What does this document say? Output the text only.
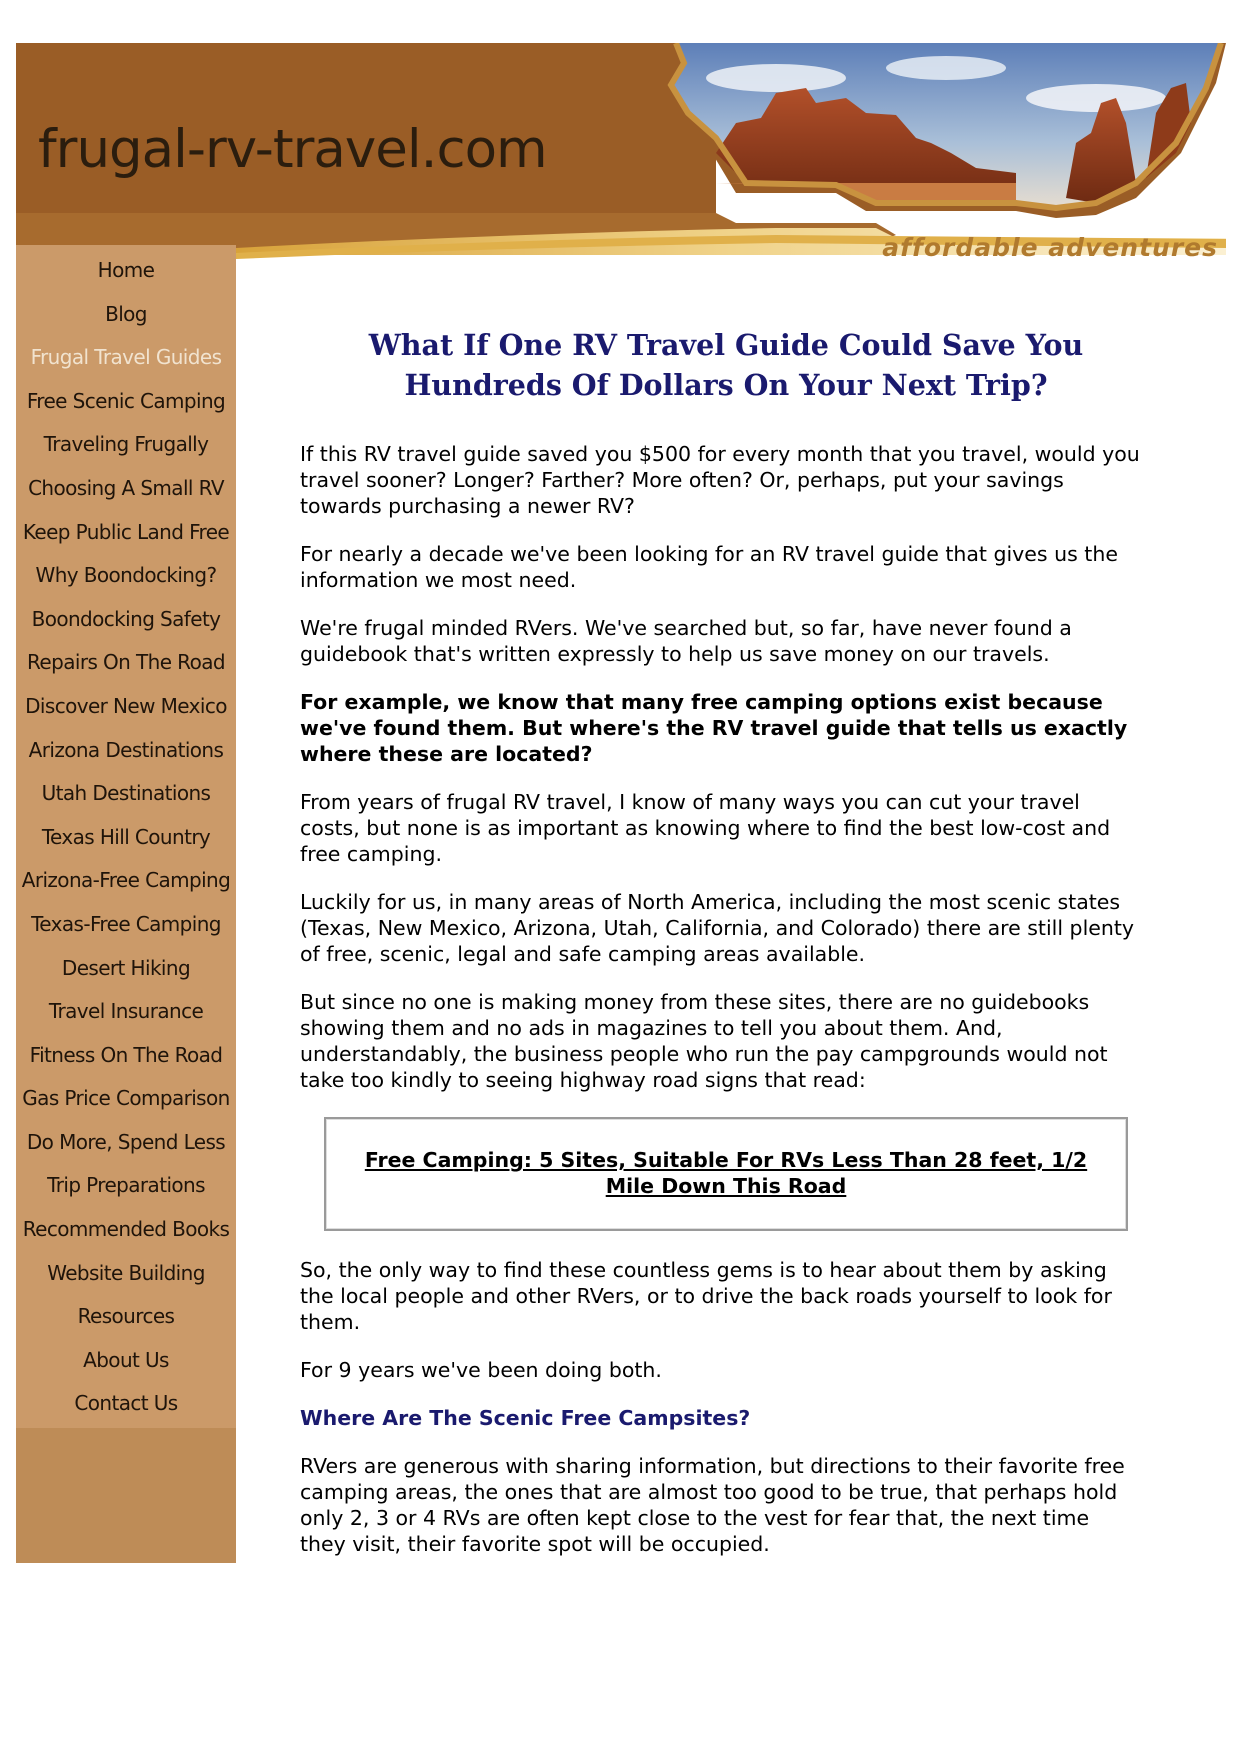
frugal-rv-travel.com
affordable adventures
Home
Blog
Frugal Travel Guides
Free Scenic Camping
Traveling Frugally
Choosing A Small RV
Keep Public Land Free
Why Boondocking?
Boondocking Safety
Repairs On The Road
Discover New Mexico
Arizona Destinations
Utah Destinations
Texas Hill Country
Arizona-Free Camping
Texas-Free Camping
Desert Hiking
Travel Insurance
Fitness On The Road
Gas Price Comparison
Do More, Spend Less
Trip Preparations
Recommended Books
Website Building
Resources
About Us
Contact Us
What If One RV Travel Guide Could Save You Hundreds Of Dollars On Your Next Trip?

If this RV travel guide saved you $500 for every month that you travel, would you travel sooner? Longer? Farther? More often? Or, perhaps, put your savings towards purchasing a newer RV?

For nearly a decade we've been looking for an RV travel guide that gives us the information we most need.

We're frugal minded RVers. We've searched but, so far, have never found a guidebook that's written expressly to help us save money on our travels.

For example, we know that many free camping options exist because we've found them. But where's the RV travel guide that tells us exactly where these are located?

From years of frugal RV travel, I know of many ways you can cut your travel costs, but none is as important as knowing where to find the best low-cost and free camping.

Luckily for us, in many areas of North America, including the most scenic states (Texas, New Mexico, Arizona, Utah, California, and Colorado) there are still plenty of free, scenic, legal and safe camping areas available.

But since no one is making money from these sites, there are no guidebooks showing them and no ads in magazines to tell you about them. And, understandably, the business people who run the pay campgrounds would not take too kindly to seeing highway road signs that read:

Free Camping: 5 Sites, Suitable For RVs Less Than 28 feet, 1/2 Mile Down This Road

So, the only way to find these countless gems is to hear about them by asking the local people and other RVers, or to drive the back roads yourself to look for them.

For 9 years we've been doing both.

Where Are The Scenic Free Campsites?

RVers are generous with sharing information, but directions to their favorite free camping areas, the ones that are almost too good to be true, that perhaps hold only 2, 3 or 4 RVs are often kept close to the vest for fear that, the next time they visit, their favorite spot will be occupied.
